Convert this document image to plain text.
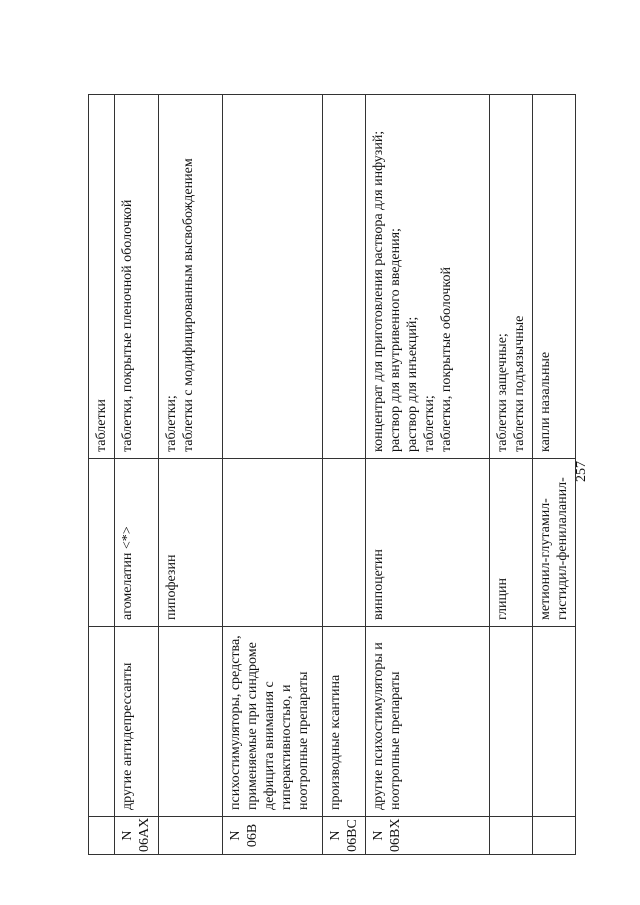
			таблетки
N 06AX	другие антидепрессанты	агомелатин <*>	таблетки, покрытые пленочной оболочкой
		пипофезин	таблетки; таблетки с модифицированным высвобождением

N 06B	психостимуляторы, средства, применяемые при синдроме дефицита внимания с гиперактивностью, и ноотропные препараты		
N 06BC	производные ксантина		
N 06BX	другие психостимуляторы и ноотропные препараты	винпоцетин	концентрат для приготовления раствора для инфузий; раствор для внутривенного введения; раствор для инъекций; таблетки; таблетки, покрытые оболочкой

		глицин	таблетки защечные; таблетки подъязычные

		метионил-глутамил-гистидил-фенилаланил-	капли назальные
257
